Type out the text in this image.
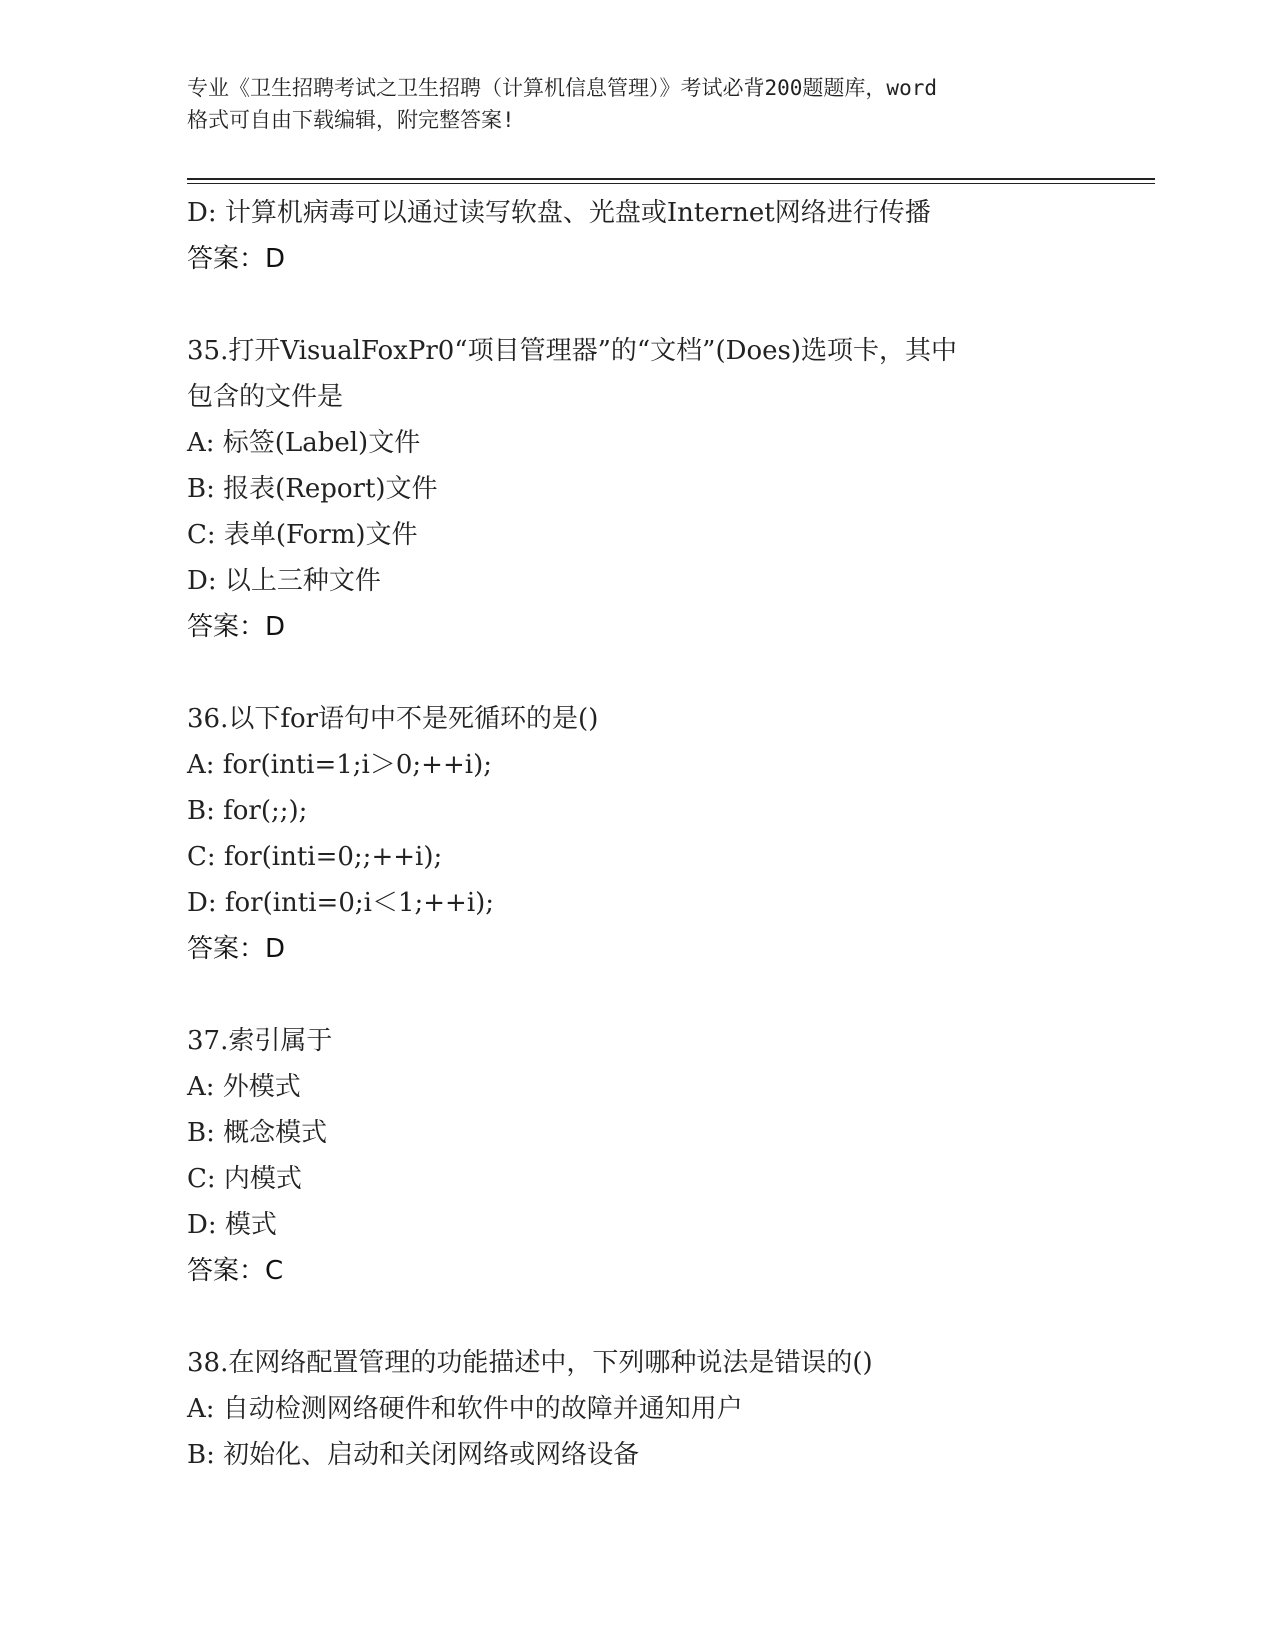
专业《卫生招聘考试之卫生招聘（计算机信息管理）》考试必背200题题库，word
格式可自由下载编辑，附完整答案!
D: 计算机病毒可以通过读写软盘、光盘或Internet网络进行传播
答案：D
35.打开VisualFoxPr0“项目管理器”的“文档”(Does)选项卡，其中
包含的文件是
A: 标签(Label)文件
B: 报表(Report)文件
C: 表单(Form)文件
D: 以上三种文件
答案：D
36.以下for语句中不是死循环的是()
A: for(inti=1;i＞0;++i);
B: for(;;);
C: for(inti=0;;++i);
D: for(inti=0;i＜1;++i);
答案：D
37.索引属于
A: 外模式
B: 概念模式
C: 内模式
D: 模式
答案：C
38.在网络配置管理的功能描述中，下列哪种说法是错误的()
A: 自动检测网络硬件和软件中的故障并通知用户
B: 初始化、启动和关闭网络或网络设备
